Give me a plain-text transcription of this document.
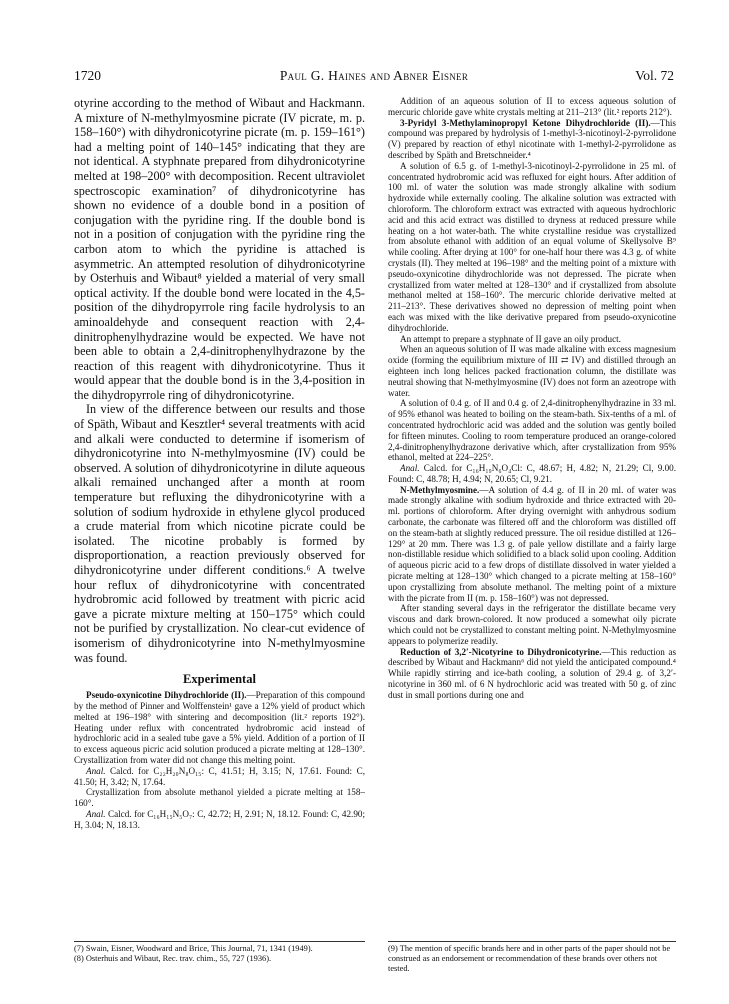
1720	Paul G. Haines and Abner Eisner	Vol. 72

otyrine according to the method of Wibaut and Hackmann. A mixture of N-methylmyosmine picrate (IV picrate, m. p. 158–160°) with dihydronicotyrine picrate (m. p. 159–161°) had a melting point of 140–145° indicating that they are not identical. A styphnate prepared from dihydronicotyrine melted at 198–200° with decomposition. Recent ultraviolet spectroscopic examination⁷ of dihydronicotyrine has shown no evidence of a double bond in a position of conjugation with the pyridine ring. If the double bond is not in a position of conjugation with the pyridine ring the carbon atom to which the pyridine is attached is asymmetric. An attempted resolution of dihydronicotyrine by Osterhuis and Wibaut⁸ yielded a material of very small optical activity. If the double bond were located in the 4,5-position of the dihydropyrrole ring facile hydrolysis to an aminoaldehyde and consequent reaction with 2,4-dinitrophenylhydrazine would be expected. We have not been able to obtain a 2,4-dinitrophenylhydrazone by the reaction of this reagent with dihydronicotyrine. Thus it would appear that the double bond is in the 3,4-position in the dihydropyrrole ring of dihydronicotyrine.

In view of the difference between our results and those of Späth, Wibaut and Kesztler⁴ several treatments with acid and alkali were conducted to determine if isomerism of dihydronicotyrine into N-methylmyosmine (IV) could be observed. A solution of dihydronicotyrine in dilute aqueous alkali remained unchanged after a month at room temperature but refluxing the dihydronicotyrine with a solution of sodium hydroxide in ethylene glycol produced a crude material from which nicotine picrate could be isolated. The nicotine probably is formed by disproportionation, a reaction previously observed for dihydronicotyrine under different conditions.⁶ A twelve hour reflux of dihydronicotyrine with concentrated hydrobromic acid followed by treatment with picric acid gave a picrate mixture melting at 150–175° which could not be purified by crystallization. No clear-cut evidence of isomerism of dihydronicotyrine into N-methylmyosmine was found.

Experimental

Pseudo-oxynicotine Dihydrochloride (II).—Preparation of this compound by the method of Pinner and Wolffenstein¹ gave a 12% yield of product which melted at 196–198° with sintering and decomposition (lit.² reports 192°). Heating under reflux with concentrated hydrobromic acid instead of hydrochloric acid in a sealed tube gave a 5% yield. Addition of a portion of II to excess aqueous picric acid solution produced a picrate melting at 128–130°. Crystallization from water did not change this melting point.

Anal. Calcd. for C₂₂H₂₀N₈O₁₅: C, 41.51; H, 3.15; N, 17.61. Found: C, 41.50; H, 3.42; N, 17.64.

Crystallization from absolute methanol yielded a picrate melting at 158–160°.

Anal. Calcd. for C₁₆H₁₅N₅O₇: C, 42.72; H, 2.91; N, 18.12. Found: C, 42.90; H, 3.04; N, 18.13.

(7) Swain, Eisner, Woodward and Brice, This Journal, 71, 1341 (1949).

(8) Osterhuis and Wibaut, Rec. trav. chim., 55, 727 (1936).

Addition of an aqueous solution of II to excess aqueous solution of mercuric chloride gave white crystals melting at 211–213° (lit.² reports 212°).

3-Pyridyl 3-Methylaminopropyl Ketone Dihydrochloride (II).—This compound was prepared by hydrolysis of 1-methyl-3-nicotinoyl-2-pyrrolidone (V) prepared by reaction of ethyl nicotinate with 1-methyl-2-pyrrolidone as described by Späth and Bretschneider.⁴

A solution of 6.5 g. of 1-methyl-3-nicotinoyl-2-pyrrolidone in 25 ml. of concentrated hydrobromic acid was refluxed for eight hours. After addition of 100 ml. of water the solution was made strongly alkaline with sodium hydroxide while externally cooling. The alkaline solution was extracted with chloroform. The chloroform extract was extracted with aqueous hydrochloric acid and this acid extract was distilled to dryness at reduced pressure while heating on a hot water-bath. The white crystalline residue was crystallized from absolute ethanol with addition of an equal volume of Skellysolve B⁹ while cooling. After drying at 100° for one-half hour there was 4.3 g. of white crystals (II). They melted at 196–198° and the melting point of a mixture with pseudo-oxynicotine dihydrochloride was not depressed. The picrate when crystallized from water melted at 128–130° and if crystallized from absolute methanol melted at 158–160°. The mercuric chloride derivative melted at 211–213°. These derivatives showed no depression of melting point when each was mixed with the like derivative prepared from pseudo-oxynicotine dihydrochloride.

An attempt to prepare a styphnate of II gave an oily product.

When an aqueous solution of II was made alkaline with excess magnesium oxide (forming the equilibrium mixture of III ⇄ IV) and distilled through an eighteen inch long helices packed fractionation column, the distillate was neutral showing that N-methylmyosmine (IV) does not form an azeotrope with water.

A solution of 0.4 g. of II and 0.4 g. of 2,4-dinitrophenylhydrazine in 33 ml. of 95% ethanol was heated to boiling on the steam-bath. Six-tenths of a ml. of concentrated hydrochloric acid was added and the solution was gently boiled for fifteen minutes. Cooling to room temperature produced an orange-colored 2,4-dinitrophenylhydrazone derivative which, after crystallization from 95% ethanol, melted at 224–225°.

Anal. Calcd. for C₁₆H₁₉N₆O₄Cl: C, 48.67; H, 4.82; N, 21.29; Cl, 9.00. Found: C, 48.78; H, 4.94; N, 20.65; Cl, 9.21.

N-Methylmyosmine.—A solution of 4.4 g. of II in 20 ml. of water was made strongly alkaline with sodium hydroxide and thrice extracted with 20-ml. portions of chloroform. After drying overnight with anhydrous sodium carbonate, the carbonate was filtered off and the chloroform was distilled off on the steam-bath at slightly reduced pressure. The oil residue distilled at 126–129° at 20 mm. There was 1.3 g. of pale yellow distillate and a fairly large non-distillable residue which solidified to a black solid upon cooling. Addition of aqueous picric acid to a few drops of distillate dissolved in water yielded a picrate melting at 128–130° which changed to a picrate melting at 158–160° upon crystallizing from absolute methanol. The melting point of a mixture with the picrate from II (m. p. 158–160°) was not depressed.

After standing several days in the refrigerator the distillate became very viscous and dark brown-colored. It now produced a somewhat oily picrate which could not be crystallized to constant melting point. N-Methylmyosmine appears to polymerize readily.

Reduction of 3,2′-Nicotyrine to Dihydronicotyrine.—This reduction as described by Wibaut and Hackmann⁶ did not yield the anticipated compound.⁴ While rapidly stirring and ice-bath cooling, a solution of 29.4 g. of 3,2′-nicotyrine in 360 ml. of 6 N hydrochloric acid was treated with 50 g. of zinc dust in small portions during one and

(9) The mention of specific brands here and in other parts of the paper should not be construed as an endorsement or recommendation of these brands over others not tested.
